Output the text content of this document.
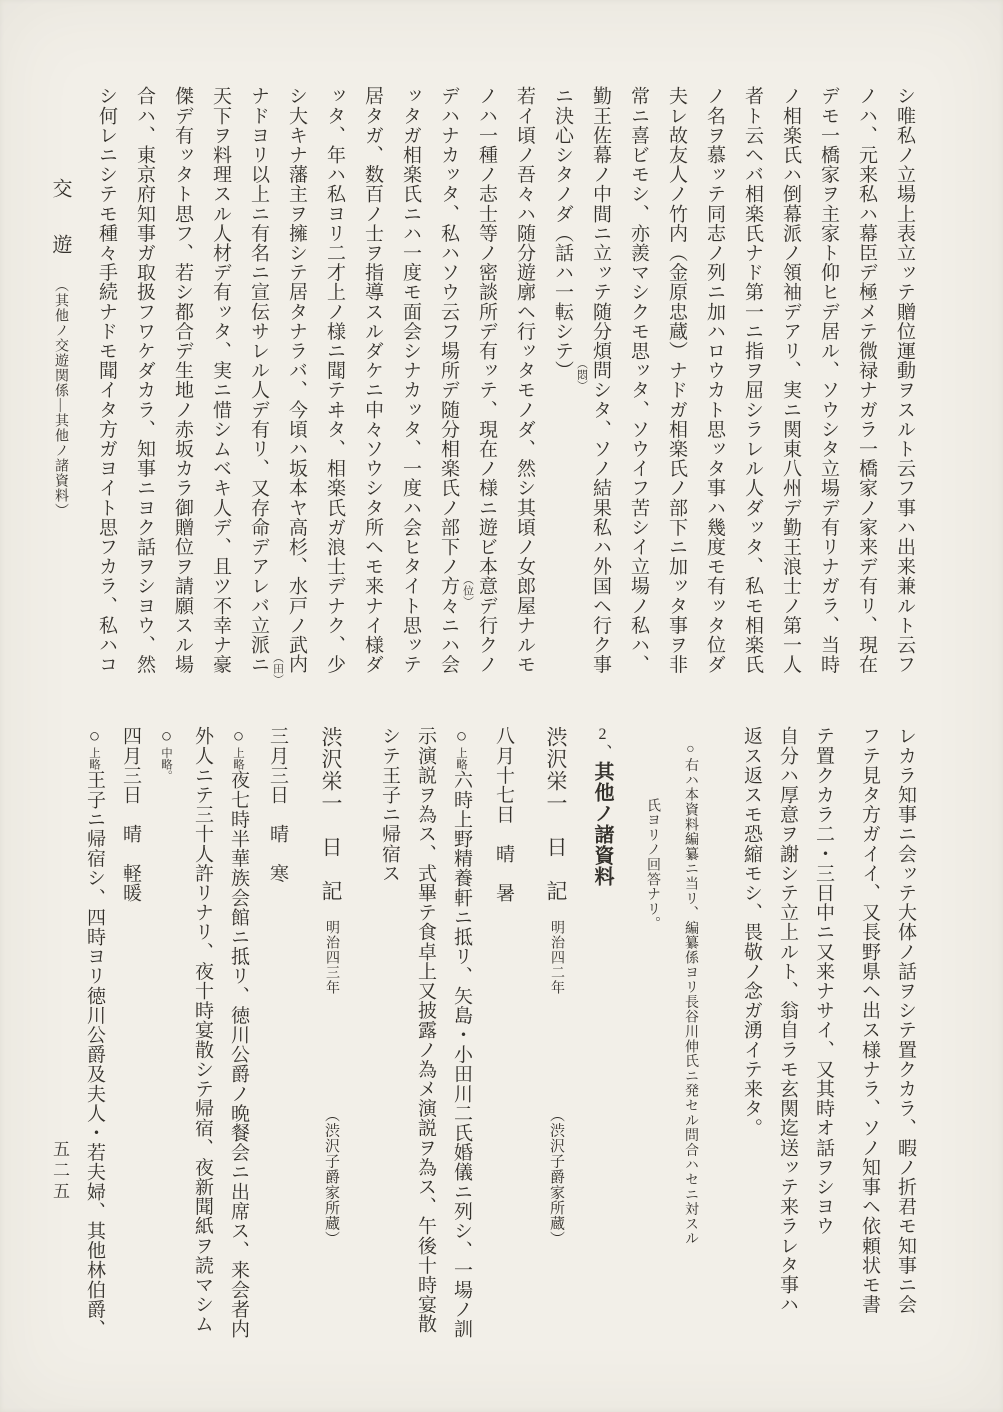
シ唯私ノ立場上表立ッテ贈位運動ヲスルト云フ事ハ出来兼ルト云フ
ノハ、元来私ハ幕臣デ極メテ微禄ナガラ一橋家ノ家来デ有リ、現在
デモ一橋家ヲ主家ト仰ヒデ居ル、ソウシタ立場デ有リナガラ、当時
ノ相楽氏ハ倒幕派ノ領袖デアリ、実ニ関東八州デ勤王浪士ノ第一人
者ト云ヘバ相楽氏ナド第一ニ指ヲ屈シラレル人ダッタ、私モ相楽氏
ノ名ヲ慕ッテ同志ノ列ニ加ハロウカト思ッタ事ハ幾度モ有ッタ位ダ
夫レ故友人ノ竹内（金原忠蔵）ナドガ相楽氏ノ部下ニ加ッタ事ヲ非
常ニ喜ビモシ、亦羨マシクモ思ッタ、ソウイフ苦シイ立場ノ私ハ、
勤王佐幕ノ中間ニ立ッテ随分煩問
（悶）
シタ、ソノ結果私ハ外国ヘ行ク事
ニ決心シタノダ（話ハ一転シテ）
若イ頃ノ吾々ハ随分遊廓ヘ行ッタモノダ、然シ其頃ノ女郎屋ナルモ
ノハ一種ノ志士等ノ密談所デ有ッテ、現在ノ様ニ遊ビ本意
（位）
デ行クノ
デハナカッタ、私ハソウ云フ場所デ随分相楽氏ノ部下ノ方々ニハ会
ッタガ相楽氏ニハ一度モ面会シナカッタ、一度ハ会ヒタイト思ッテ
居タガ、数百ノ士ヲ指導スルダケニ中々ソウシタ所ヘモ来ナイ様ダ
ッタ、年ハ私ヨリ二才上ノ様ニ聞テヰタ、相楽氏ガ浪士デナク、少
シ大キナ藩主ヲ擁シテ居タナラバ、今頃ハ坂本ヤ高杉、水戸ノ武内
（田）
ナドヨリ以上ニ有名ニ宣伝サレル人デ有リ、又存命デアレバ立派ニ
天下ヲ料理スル人材デ有ッタ、実ニ惜シムベキ人デ、且ツ不幸ナ豪
傑デ有ッタト思フ、若シ都合デ生地ノ赤坂カラ御贈位ヲ請願スル場
合ハ、東京府知事ガ取扱フワケダカラ、知事ニヨク話ヲシヨウ、然
シ何レニシテモ種々手続ナドモ聞イタ方ガヨイト思フカラ、私ハコ
交　遊（其他ノ交遊関係―其他ノ諸資料）
レカラ知事ニ会ッテ大体ノ話ヲシテ置クカラ、暇ノ折君モ知事ニ会
フテ見タ方ガイイ、又長野県ヘ出ス様ナラ、ソノ知事ヘ依頼状モ書
テ置クカラ二・三日中ニ又来ナサイ、又其時オ話ヲシヨウ
自分ハ厚意ヲ謝シテ立上ルト、翁自ラモ玄関迄送ッテ来ラレタ事ハ
返ス返スモ恐縮モシ、畏敬ノ念ガ湧イテ来タ。
○右ハ本資料編纂ニ当リ、編纂係ヨリ長谷川伸氏ニ発セル問合ハセニ対スル
氏ヨリノ回答ナリ。
2、其他ノ諸資料
渋沢栄一　日　記明治四二年（渋沢子爵家所蔵）
八月十七日　晴　暑
○上略六時上野精養軒ニ抵リ、矢島・小田川二氏婚儀ニ列シ、一場ノ訓
示演説ヲ為ス、式畢テ食卓上又披露ノ為メ演説ヲ為ス、午後十時宴散
シテ王子ニ帰宿ス
渋沢栄一　日　記明治四三年（渋沢子爵家所蔵）
三月三日　晴　寒
○上略夜七時半華族会館ニ抵リ、徳川公爵ノ晩餐会ニ出席ス、来会者内
外人ニテ三十人許リナリ、夜十時宴散シテ帰宿、夜新聞紙ヲ読マシム
○中略。
四月三日　晴　軽暖
○上略王子ニ帰宿シ、四時ヨリ徳川公爵及夫人・若夫婦、其他林伯爵、
五二五
